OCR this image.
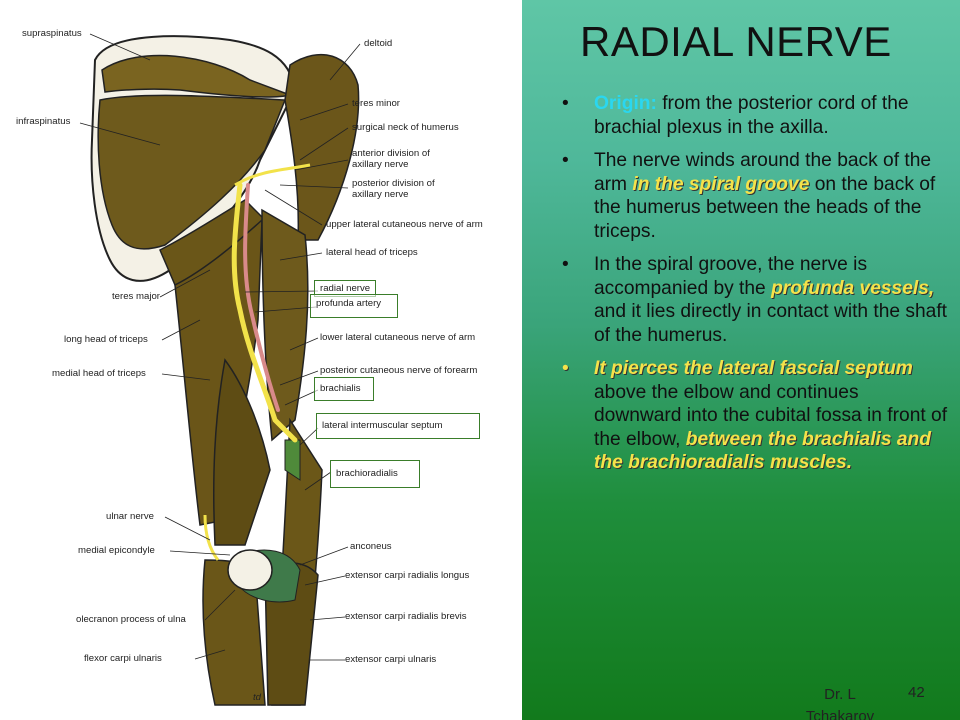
supraspinatus
infraspinatus
teres major
long head of triceps
medial head of triceps
ulnar nerve
medial epicondyle
olecranon process of ulna
flexor carpi ulnaris
deltoid
teres minor
surgical neck of humerus
anterior division of axillary nerve
posterior division of axillary nerve
upper lateral cutaneous nerve of arm
lateral head of triceps
lower lateral cutaneous nerve of arm
posterior cutaneous nerve of forearm
anconeus
extensor carpi radialis longus
extensor carpi radialis brevis
extensor carpi ulnaris
radial nerve
profunda artery
brachialis
lateral intermuscular septum
brachioradialis
td
RADIAL NERVE
• Origin: from the posterior cord of the brachial plexus in the axilla.
• The nerve winds around the back of the arm in the spiral groove on the back of the humerus between the heads of the triceps.
• In the spiral groove, the nerve is accompanied by the profunda vessels, and it lies directly in contact with the shaft of the humerus.
• It pierces the lateral fascial septum above the elbow and continues downward into the cubital fossa in front of the elbow, between the brachialis and the brachioradialis muscles.
Dr. L Tchakarov
42
